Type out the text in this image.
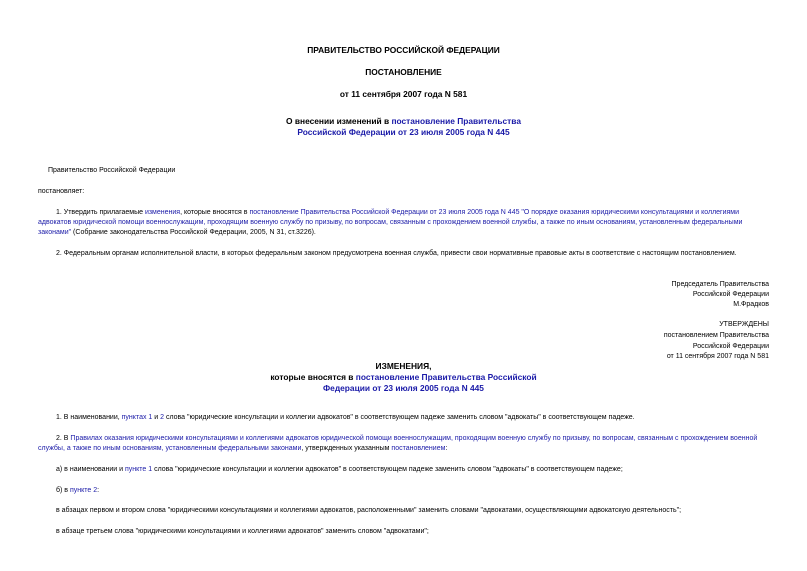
ПРАВИТЕЛЬСТВО РОССИЙСКОЙ ФЕДЕРАЦИИ
ПОСТАНОВЛЕНИЕ
от 11 сентября 2007 года N 581
О внесении изменений в постановление Правительства
Российской Федерации от 23 июля 2005 года N 445
Правительство Российской Федерации
постановляет:
1. Утвердить прилагаемые изменения, которые вносятся в постановление Правительства Российской Федерации от 23 июля 2005 года N 445 "О порядке оказания юридическими консультациями и коллегиями адвокатов юридической помощи военнослужащим, проходящим военную службу по призыву, по вопросам, связанным с прохождением военной службы, а также по иным основаниям, установленным федеральными законами" (Собрание законодательства Российской Федерации, 2005, N 31, ст.3226).
2. Федеральным органам исполнительной власти, в которых федеральным законом предусмотрена военная служба, привести свои нормативные правовые акты в соответствие с настоящим постановлением.
Председатель Правительства
Российской Федерации
М.Фрадков
УТВЕРЖДЕНЫ
постановлением Правительства
Российской Федерации
от 11 сентября 2007 года N 581
ИЗМЕНЕНИЯ,
которые вносятся в постановление Правительства Российской
Федерации от 23 июля 2005 года N 445
1. В наименовании, пунктах 1 и 2 слова "юридические консультации и коллегии адвокатов" в соответствующем падеже заменить словом "адвокаты" в соответствующем падеже.
2. В Правилах оказания юридическими консультациями и коллегиями адвокатов юридической помощи военнослужащим, проходящим военную службу по призыву, по вопросам, связанным с прохождением военной службы, а также по иным основаниям, установленным федеральными законами, утвержденных указанным постановлением:
а) в наименовании и пункте 1 слова "юридические консультации и коллегии адвокатов" в соответствующем падеже заменить словом "адвокаты" в соответствующем падеже;
б) в пункте 2:
в абзацах первом и втором слова "юридическими консультациями и коллегиями адвокатов, расположенными" заменить словами "адвокатами, осуществляющими адвокатскую деятельность";
в абзаце третьем слова "юридическими консультациями и коллегиями адвокатов" заменить словом "адвокатами";
